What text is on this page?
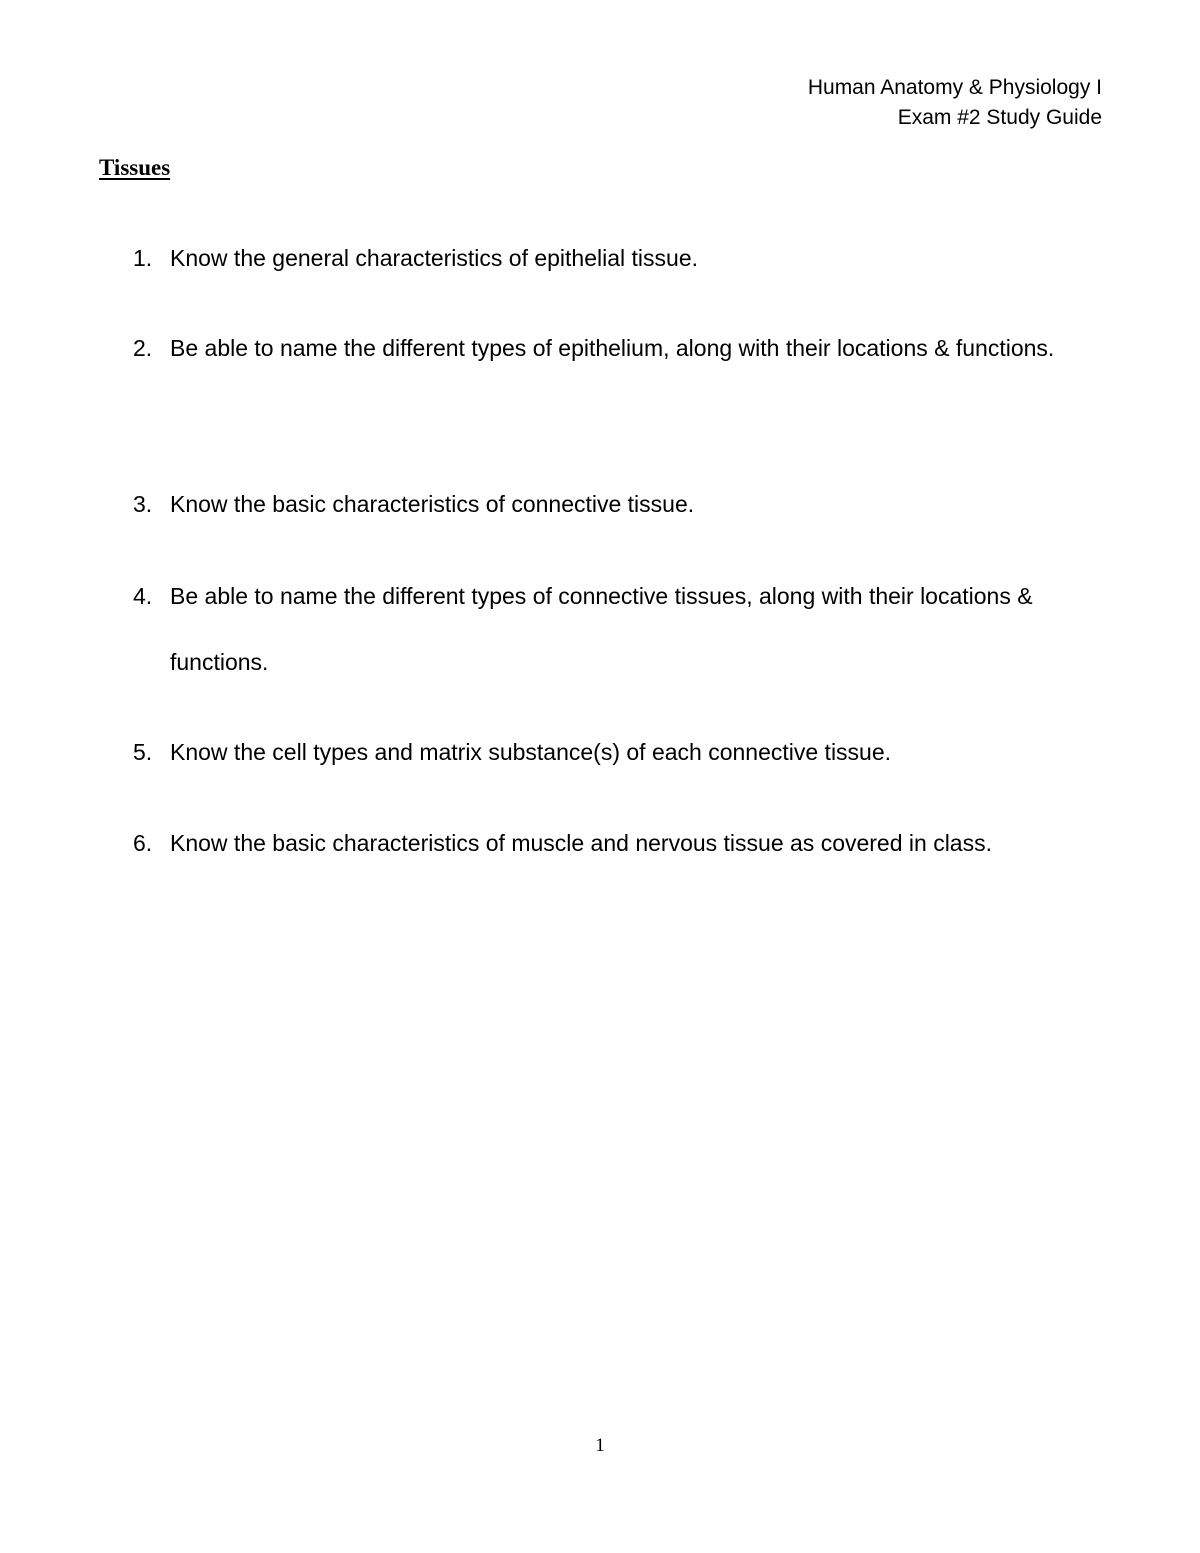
Human Anatomy & Physiology I
Exam #2 Study Guide
Tissues
1. Know the general characteristics of epithelial tissue.
2. Be able to name the different types of epithelium, along with their locations & functions.
3. Know the basic characteristics of connective tissue.
4. Be able to name the different types of connective tissues, along with their locations & functions.
5. Know the cell types and matrix substance(s) of each connective tissue.
6. Know the basic characteristics of muscle and nervous tissue as covered in class.
1
